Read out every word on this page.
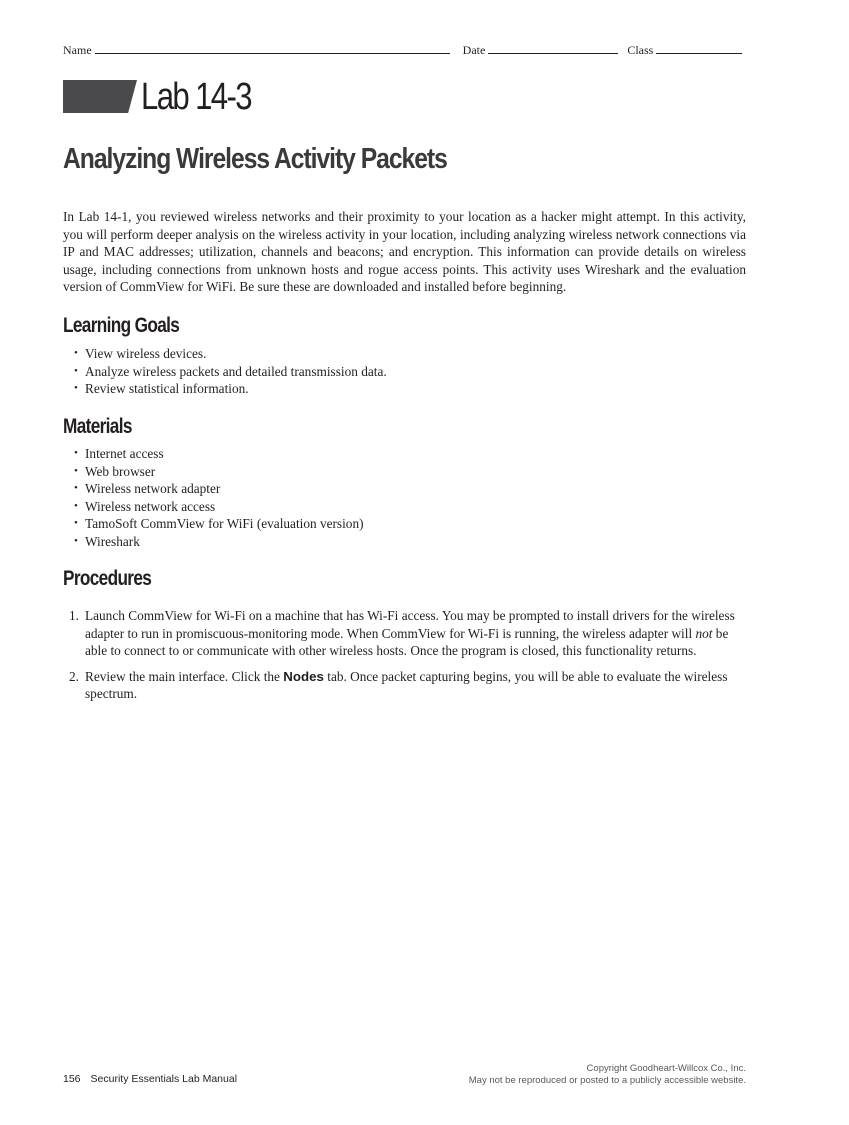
Name	Date	Class
Lab 14-3
Analyzing Wireless Activity Packets

In Lab 14-1, you reviewed wireless networks and their proximity to your location as a hacker might attempt. In this activity, you will perform deeper analysis on the wireless activity in your location, including analyzing wireless network connections via IP and MAC addresses; utilization, channels and beacons; and encryption. This information can provide details on wireless usage, including connections from unknown hosts and rogue access points. This activity uses Wireshark and the evaluation version of CommView for WiFi. Be sure these are downloaded and installed before beginning.

Learning Goals
• View wireless devices.
• Analyze wireless packets and detailed transmission data.
• Review statistical information.
Materials
• Internet access
• Web browser
• Wireless network adapter
• Wireless network access
• TamoSoft CommView for WiFi (evaluation version)
• Wireshark
Procedures
1. Launch CommView for Wi-Fi on a machine that has Wi-Fi access. You may be prompted to install drivers for the wireless adapter to run in promiscuous-monitoring mode. When CommView for Wi-Fi is running, the wireless adapter will not be able to connect to or communicate with other wireless hosts. Once the program is closed, this functionality returns.
2. Review the main interface. Click the Nodes tab. Once packet capturing begins, you will be able to evaluate the wireless spectrum.
156 Security Essentials Lab Manual
Copyright Goodheart-Willcox Co., Inc.
May not be reproduced or posted to a publicly accessible website.
